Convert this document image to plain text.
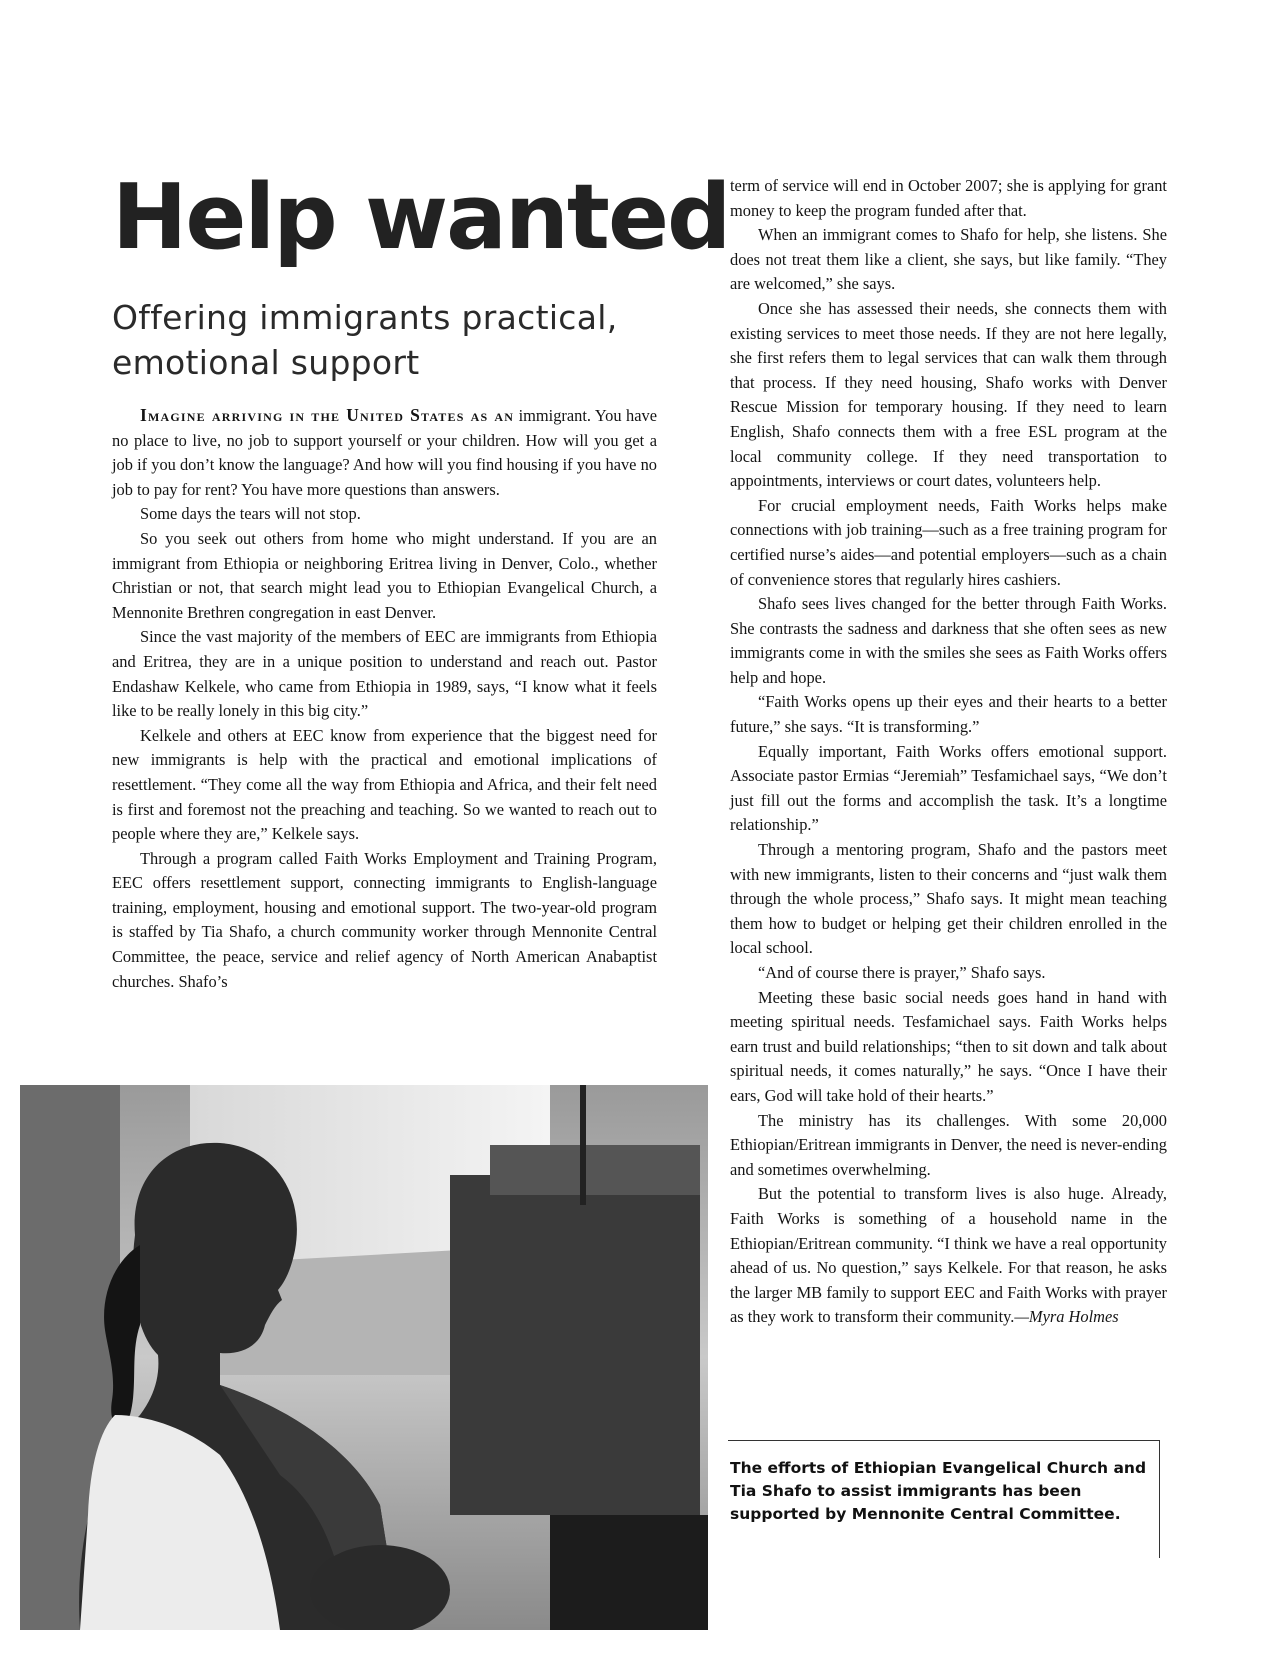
Help wanted
Offering immigrants practical, emotional support

Imagine arriving in the United States as an immigrant. You have no place to live, no job to support yourself or your children. How will you get a job if you don’t know the language? And how will you find housing if you have no job to pay for rent? You have more questions than answers.

Some days the tears will not stop.

So you seek out others from home who might understand. If you are an immigrant from Ethiopia or neighboring Eritrea living in Denver, Colo., whether Christian or not, that search might lead you to Ethiopian Evangelical Church, a Mennonite Brethren congregation in east Denver.

Since the vast majority of the members of EEC are immigrants from Ethiopia and Eritrea, they are in a unique position to understand and reach out. Pastor Endashaw Kelkele, who came from Ethiopia in 1989, says, “I know what it feels like to be really lonely in this big city.”

Kelkele and others at EEC know from experience that the biggest need for new immigrants is help with the practical and emotional implications of resettlement. “They come all the way from Ethiopia and Africa, and their felt need is first and foremost not the preaching and teaching. So we wanted to reach out to people where they are,” Kelkele says.

Through a program called Faith Works Employment and Training Program, EEC offers resettlement support, connecting immigrants to English-language training, employment, housing and emotional support. The two-year-old program is staffed by Tia Shafo, a church community worker through Mennonite Central Committee, the peace, service and relief agency of North American Anabaptist churches. Shafo’s

term of service will end in October 2007; she is applying for grant money to keep the program funded after that.

When an immigrant comes to Shafo for help, she listens. She does not treat them like a client, she says, but like family. “They are welcomed,” she says.

Once she has assessed their needs, she connects them with existing services to meet those needs. If they are not here legally, she first refers them to legal services that can walk them through that process. If they need housing, Shafo works with Denver Rescue Mission for temporary housing. If they need to learn English, Shafo connects them with a free ESL program at the local community college. If they need transportation to appointments, interviews or court dates, volunteers help.

For crucial employment needs, Faith Works helps make connections with job training—such as a free training program for certified nurse’s aides—and potential employers—such as a chain of convenience stores that regularly hires cashiers.

Shafo sees lives changed for the better through Faith Works. She contrasts the sadness and darkness that she often sees as new immigrants come in with the smiles she sees as Faith Works offers help and hope.

“Faith Works opens up their eyes and their hearts to a better future,” she says. “It is transforming.”

Equally important, Faith Works offers emotional support. Associate pastor Ermias “Jeremiah” Tesfamichael says, “We don’t just fill out the forms and accomplish the task. It’s a longtime relationship.”

Through a mentoring program, Shafo and the pastors meet with new immigrants, listen to their concerns and “just walk them through the whole process,” Shafo says. It might mean teaching them how to budget or helping get their children enrolled in the local school.

“And of course there is prayer,” Shafo says.

Meeting these basic social needs goes hand in hand with meeting spiritual needs. Tesfamichael says. Faith Works helps earn trust and build relationships; “then to sit down and talk about spiritual needs, it comes naturally,” he says. “Once I have their ears, God will take hold of their hearts.”

The ministry has its challenges. With some 20,000 Ethiopian/Eritrean immigrants in Denver, the need is never-ending and sometimes overwhelming.

But the potential to transform lives is also huge. Already, Faith Works is something of a household name in the Ethiopian/Eritrean community. “I think we have a real opportunity ahead of us. No question,” says Kelkele. For that reason, he asks the larger MB family to support EEC and Faith Works with prayer as they work to transform their community.—Myra Holmes

The efforts of Ethiopian Evangelical Church and Tia Shafo to assist immigrants has been supported by Mennonite Central Committee.
